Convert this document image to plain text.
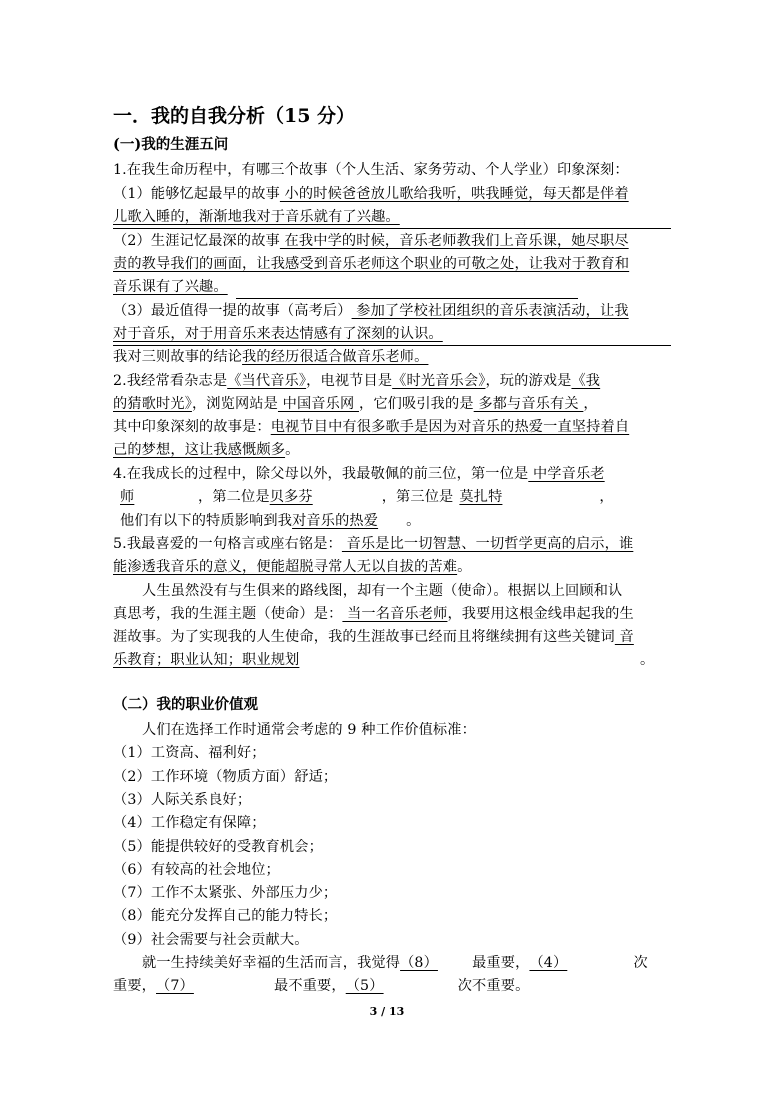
一．我的自我分析（15 分）
(一)我的生涯五问
1.在我生命历程中，有哪三个故事（个人生活、家务劳动、个人学业）印象深刻：
（1）能够忆起最早的故事 小的时候爸爸放儿歌给我听，哄我睡觉，每天都是伴着
儿歌入睡的，渐渐地我对于音乐就有了兴趣。
（2）生涯记忆最深的故事 在我中学的时候，音乐老师教我们上音乐课，她尽职尽
责的教导我们的画面，让我感受到音乐老师这个职业的可敬之处，让我对于教育和
音乐课有了兴趣。
（3）最近值得一提的故事（高考后） 参加了学校社团组织的音乐表演活动，让我
对于音乐，对于用音乐来表达情感有了深刻的认识。
我对三则故事的结论我的经历很适合做音乐老师。
2.我经常看杂志是《当代音乐》，电视节目是《时光音乐会》，玩的游戏是《我
的猜歌时光》，浏览网站是 中国音乐网 ，它们吸引我的是 多都与音乐有关 ，
其中印象深刻的故事是：电视节目中有很多歌手是因为对音乐的热爱一直坚持着自
己的梦想，这让我感慨颇多。
4.在我成长的过程中，除父母以外，我最敬佩的前三位，第一位是 中学音乐老
师	，第二位是贝多芬	，第三位是莫扎特	，
他们有以下的特质影响到我对音乐的热爱 。
5.我最喜爱的一句格言或座右铭是： 音乐是比一切智慧、一切哲学更高的启示，谁
能渗透我音乐的意义，便能超脱寻常人无以自拔的苦难。
人生虽然没有与生俱来的路线图，却有一个主题（使命）。根据以上回顾和认
真思考，我的生涯主题（使命）是： 当一名音乐老师，我要用这根金线串起我的生
涯故事。为了实现我的人生使命，我的生涯故事已经而且将继续拥有这些关键词 音
乐教育；职业认知；职业规划	。
（二）我的职业价值观
人们在选择工作时通常会考虑的 9 种工作价值标准：
（1）工资高、福利好；
（2）工作环境（物质方面）舒适；
（3）人际关系良好；
（4）工作稳定有保障；
（5）能提供较好的受教育机会；
（6）有较高的社会地位；
（7）工作不太紧张、外部压力少；
（8）能充分发挥自己的能力特长；
（9）社会需要与社会贡献大。
就一生持续美好幸福的生活而言，我觉得（8） 最重要，（4）	次
重要，（7）	最不重要，（5）	次不重要。
3 / 13
